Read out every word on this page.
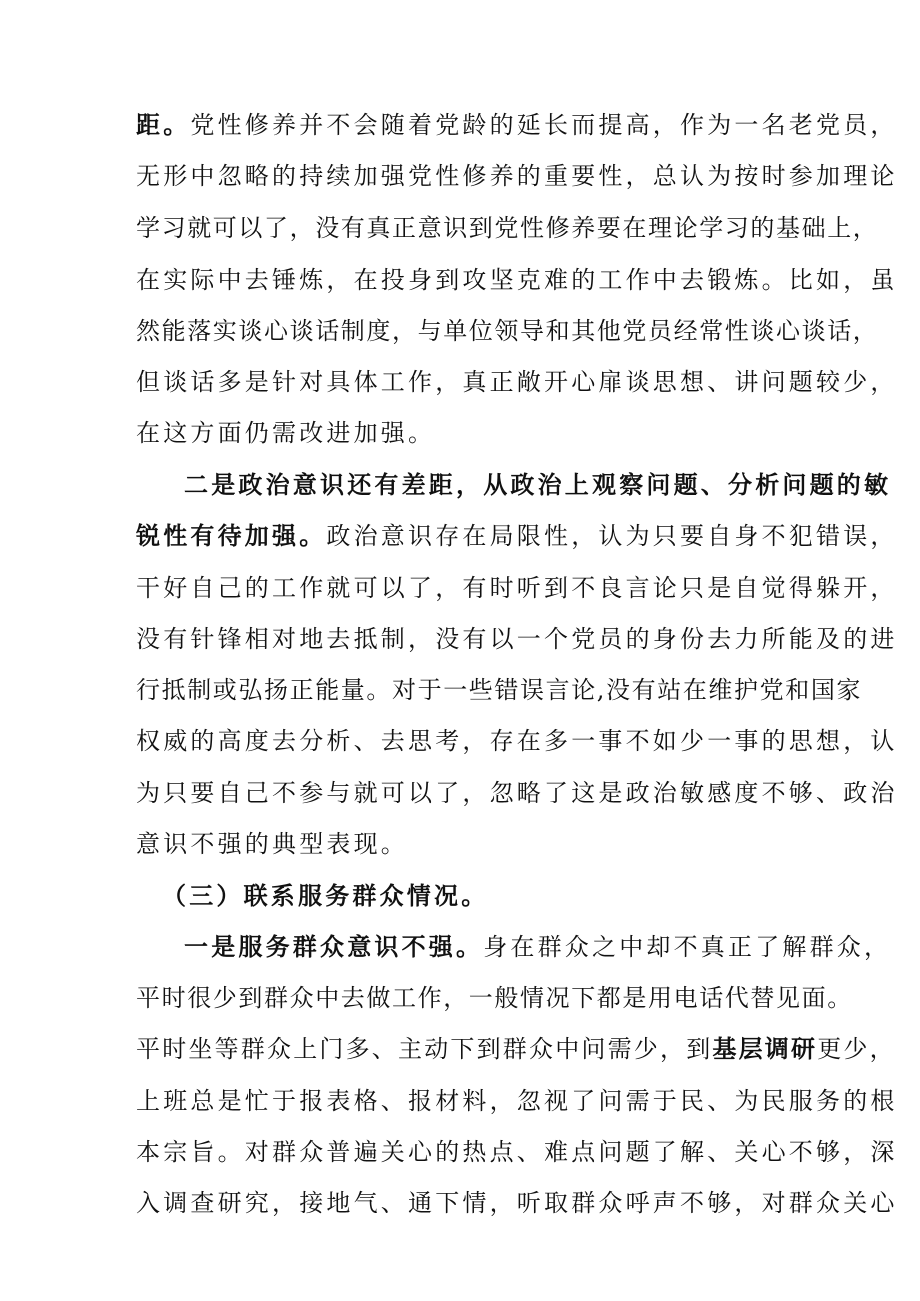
距。党性修养并不会随着党龄的延长而提高，作为一名老党员，
无形中忽略的持续加强党性修养的重要性，总认为按时参加理论
学习就可以了，没有真正意识到党性修养要在理论学习的基础上，
在实际中去锤炼，在投身到攻坚克难的工作中去锻炼。比如，虽
然能落实谈心谈话制度，与单位领导和其他党员经常性谈心谈话，
但谈话多是针对具体工作，真正敞开心扉谈思想、讲问题较少，
在这方面仍需改进加强。
二是政治意识还有差距，从政治上观察问题、分析问题的敏
锐性有待加强。政治意识存在局限性，认为只要自身不犯错误，
干好自己的工作就可以了，有时听到不良言论只是自觉得躲开，
没有针锋相对地去抵制，没有以一个党员的身份去力所能及的进
行抵制或弘扬正能量。对于一些错误言论,没有站在维护党和国家
权威的高度去分析、去思考，存在多一事不如少一事的思想，认
为只要自己不参与就可以了，忽略了这是政治敏感度不够、政治
意识不强的典型表现。
（三）联系服务群众情况。
一是服务群众意识不强。身在群众之中却不真正了解群众，
平时很少到群众中去做工作，一般情况下都是用电话代替见面。
平时坐等群众上门多、主动下到群众中问需少，到基层调研更少，
上班总是忙于报表格、报材料，忽视了问需于民、为民服务的根
本宗旨。对群众普遍关心的热点、难点问题了解、关心不够，深
入调查研究，接地气、通下情，听取群众呼声不够，对群众关心
